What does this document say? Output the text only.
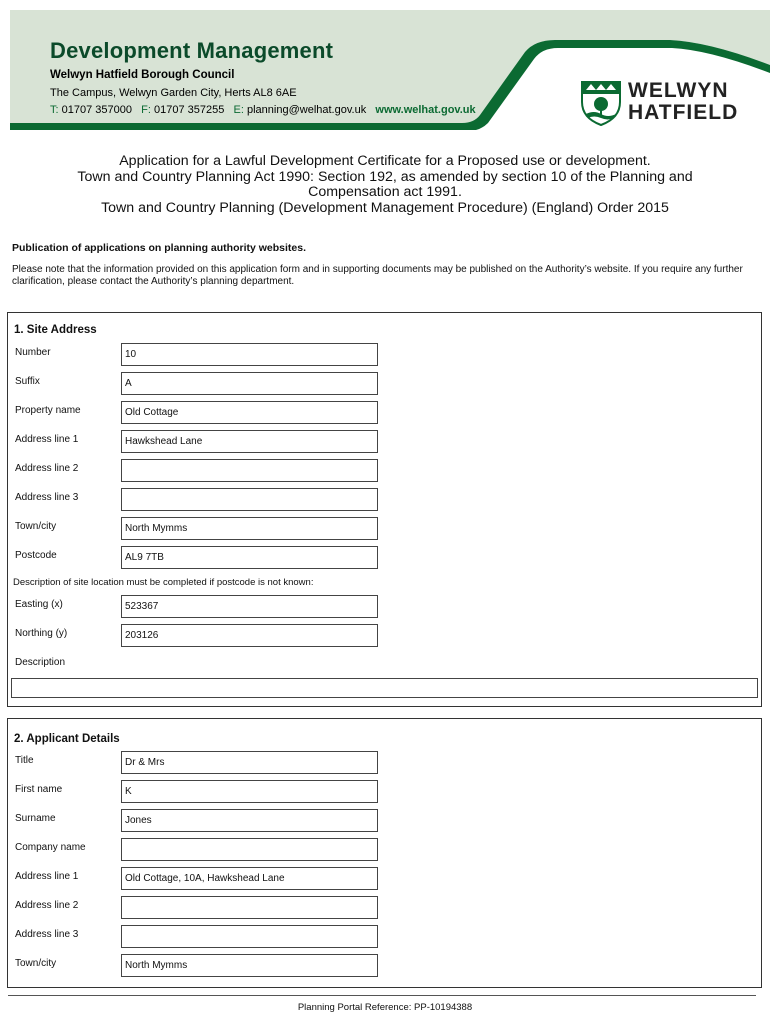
Development Management
Welwyn Hatfield Borough Council
The Campus, Welwyn Garden City, Herts AL8 6AE
T: 01707 357000 F: 01707 357255 E: planning@welhat.gov.uk www.welhat.gov.uk
WELWYN
HATFIELD
Application for a Lawful Development Certificate for a Proposed use or development.
Town and Country Planning Act 1990: Section 192, as amended by section 10 of the Planning and
Compensation act 1991.
Town and Country Planning (Development Management Procedure) (England) Order 2015
Publication of applications on planning authority websites.
Please note that the information provided on this application form and in supporting documents may be published on the Authority’s website. If you require any further clarification, please contact the Authority’s planning department.
1. Site Address
Number	10
Suffix	A
Property name	Old Cottage
Address line 1	Hawkshead Lane
Address line 2
Address line 3
Town/city	North Mymms
Postcode	AL9 7TB
Description of site location must be completed if postcode is not known:
Easting (x)	523367
Northing (y)	203126
Description
2. Applicant Details
Title	Dr & Mrs
First name	K
Surname	Jones
Company name
Address line 1	Old Cottage, 10A, Hawkshead Lane
Address line 2
Address line 3
Town/city	North Mymms
Planning Portal Reference: PP-10194388
